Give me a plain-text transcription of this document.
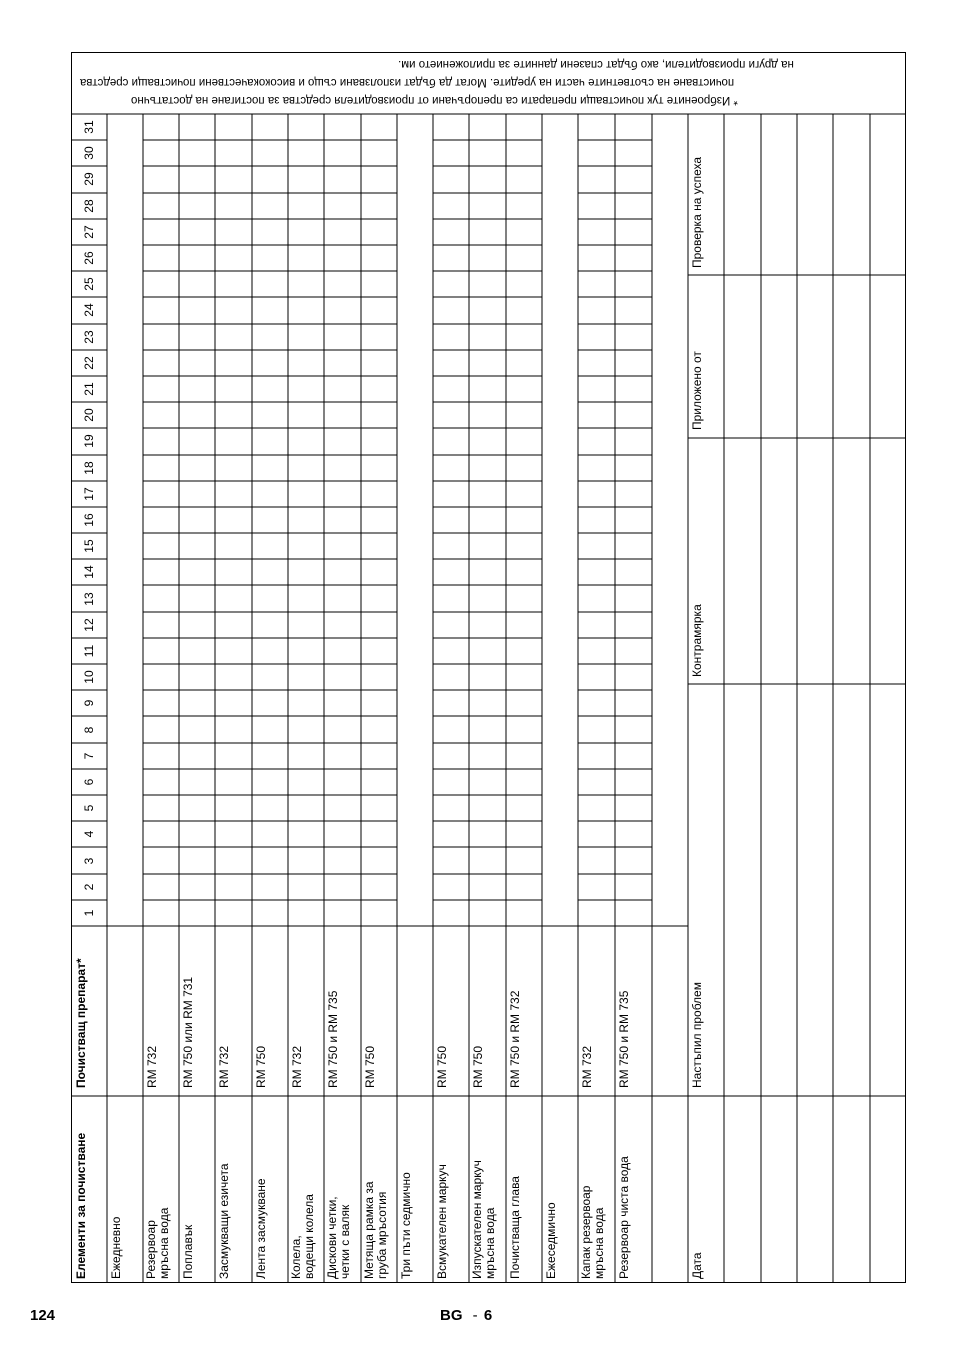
Елементи за почистване
Почистващ препарат*
1
2
3
4
5
6
7
8
9
10
11
12
13
14
15
16
17
18
19
20
21
22
23
24
25
26
27
28
29
30
31
Ежедневно Резервоар мръсна вода
RM 732
Поплавък
RM 750 или RM 731
Засмукващи езичета
RM 732
Лента засмукване
RM 750
Колела, водещи колела
RM 732
Дискови четки, четки с валяк
RM 750 и RM 735
Метяща рамка за груба мръсотия
RM 750
Три пъти седмично Всмукателен маркуч
RM 750
Изпускателен маркуч мръсна вода
RM 750
Почистваща глава
RM 750 и RM 732
Ежеседмично Капак резервоар мръсна вода
RM 732
Резервоар чиста вода
RM 750 и RM 735
Дата
Настъпил проблем
Контрамярка
Приложено от
Проверка на успеха
* Изброените тук почистващи препарати са препоръчани от производителя средства за постигане на достатъчно
почистване на съответните части на уредите. Могат да бъдат използвани също и висококачествени почистващи средства
на други производители, ако бъдат спазени данните за приложението им.
124	BG - 6
